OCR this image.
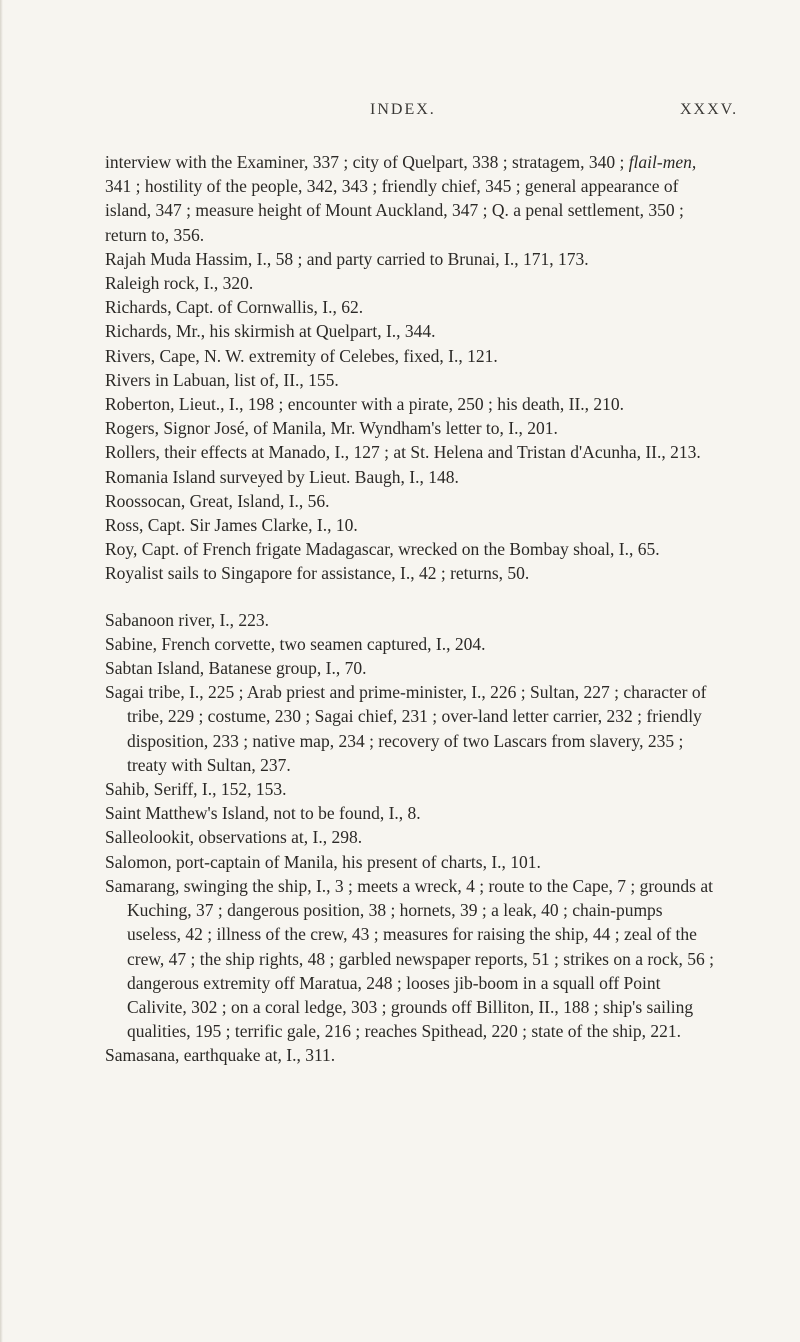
INDEX.	XXXV.

interview with the Examiner, 337 ; city of Quelpart, 338 ; stratagem, 340 ; flail-men, 341 ; hostility of the people, 342, 343 ; friendly chief, 345 ; general appearance of island, 347 ; measure height of Mount Auckland, 347 ; Q. a penal settlement, 350 ; return to, 356.

Rajah Muda Hassim, I., 58 ; and party carried to Brunai, I., 171, 173.

Raleigh rock, I., 320.

Richards, Capt. of Cornwallis, I., 62.

Richards, Mr., his skirmish at Quelpart, I., 344.

Rivers, Cape, N. W. extremity of Celebes, fixed, I., 121.

Rivers in Labuan, list of, II., 155.

Roberton, Lieut., I., 198 ; encounter with a pirate, 250 ; his death, II., 210.

Rogers, Signor José, of Manila, Mr. Wyndham's letter to, I., 201.

Rollers, their effects at Manado, I., 127 ; at St. Helena and Tristan d'Acunha, II., 213.

Romania Island surveyed by Lieut. Baugh, I., 148.

Roossocan, Great, Island, I., 56.

Ross, Capt. Sir James Clarke, I., 10.

Roy, Capt. of French frigate Madagascar, wrecked on the Bombay shoal, I., 65.

Royalist sails to Singapore for assistance, I., 42 ; returns, 50.

Sabanoon river, I., 223.

Sabine, French corvette, two seamen captured, I., 204.

Sabtan Island, Batanese group, I., 70.

Sagai tribe, I., 225 ; Arab priest and prime-minister, I., 226 ; Sultan, 227 ; character of tribe, 229 ; costume, 230 ; Sagai chief, 231 ; over-land letter carrier, 232 ; friendly disposition, 233 ; native map, 234 ; recovery of two Lascars from slavery, 235 ; treaty with Sultan, 237.

Sahib, Seriff, I., 152, 153.

Saint Matthew's Island, not to be found, I., 8.

Salleolookit, observations at, I., 298.

Salomon, port-captain of Manila, his present of charts, I., 101.

Samarang, swinging the ship, I., 3 ; meets a wreck, 4 ; route to the Cape, 7 ; grounds at Kuching, 37 ; dangerous position, 38 ; hornets, 39 ; a leak, 40 ; chain-pumps useless, 42 ; illness of the crew, 43 ; measures for raising the ship, 44 ; zeal of the crew, 47 ; the ship rights, 48 ; garbled newspaper reports, 51 ; strikes on a rock, 56 ; dangerous extremity off Maratua, 248 ; looses jib-boom in a squall off Point Calivite, 302 ; on a coral ledge, 303 ; grounds off Billiton, II., 188 ; ship's sailing qualities, 195 ; terrific gale, 216 ; reaches Spithead, 220 ; state of the ship, 221.

Samasana, earthquake at, I., 311.
